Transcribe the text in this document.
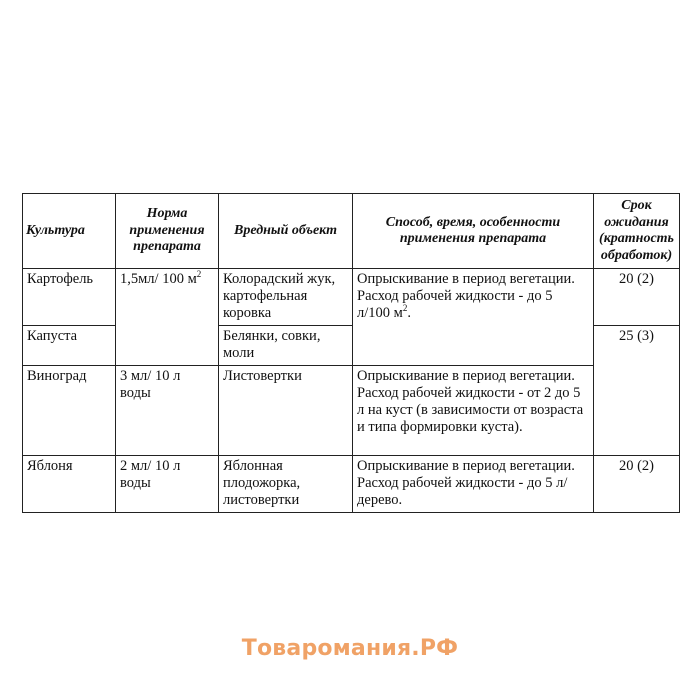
Культура	Норма применения препарата	Вредный объект	Способ, время, особенности применения препарата	Срок ожидания (кратность обработок)
Картофель	1,5мл/ 100 $м^2$	Колорадский жук, картофельная коровка	Опрыскивание в период вегетации. Расход рабочей жидкости - до 5 л/100 $м^2$.	20 (2)
Капуста		Белянки, совки, моли		25 (3)
Виноград	3 мл/ 10 л воды	Листовертки	Опрыскивание в период вегетации. Расход рабочей жидкости - от 2 до 5 л на куст (в зависимости от возраста и типа формировки куста).	
Яблоня	2 мл/ 10 л воды	Яблонная плодожорка, листовертки	Опрыскивание в период вегетации. Расход рабочей жидкости - до 5 л/ дерево.	20 (2)
Товаромания.РФ
